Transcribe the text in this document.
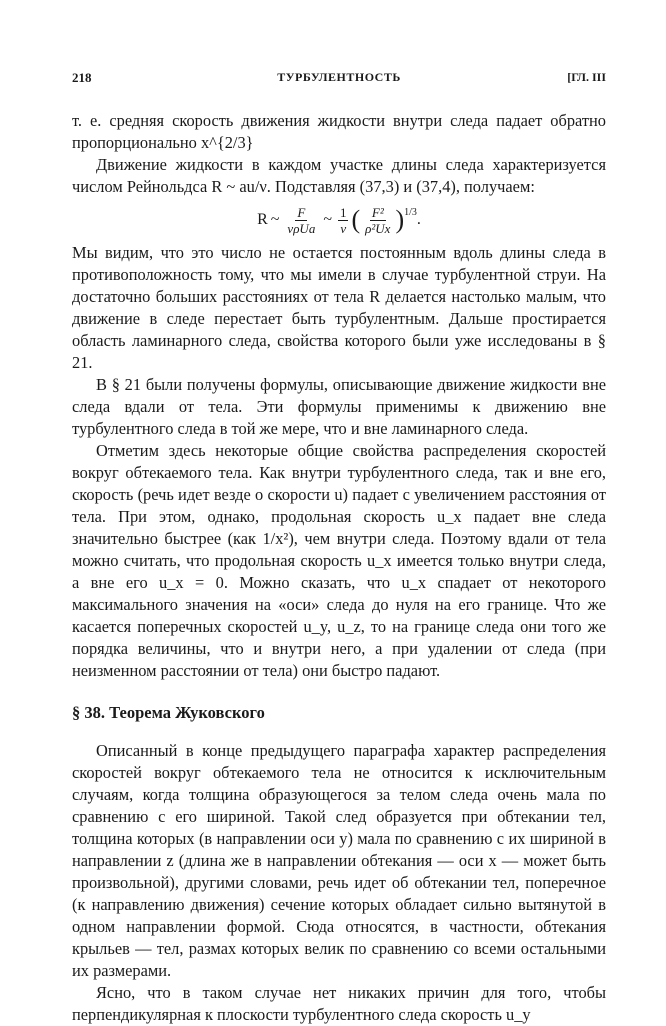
218	ТУРБУЛЕНТНОСТЬ	[ГЛ. III

т. е. средняя скорость движения жидкости внутри следа падает обратно пропорционально x^{2/3}

Движение жидкости в каждом участке длины следа характеризуется числом Рейнольдса R ~ au/ν. Подставляя (37,3) и (37,4), получаем:

R ~ $\frac{F}{\text{νρUa}}$ ~ $\frac{1}{\nu}$ ( $\frac{\text{F²}}{\text{ρ²Ux}} )^{1/3}$ .

Мы видим, что это число не остается постоянным вдоль длины следа в противоположность тому, что мы имели в случае турбулентной струи. На достаточно больших расстояниях от тела R делается настолько малым, что движение в следе перестает быть турбулентным. Дальше простирается область ламинарного следа, свойства которого были уже исследованы в § 21.

В § 21 были получены формулы, описывающие движение жидкости вне следа вдали от тела. Эти формулы применимы к движению вне турбулентного следа в той же мере, что и вне ламинарного следа.

Отметим здесь некоторые общие свойства распределения скоростей вокруг обтекаемого тела. Как внутри турбулентного следа, так и вне его, скорость (речь идет везде о скорости u) падает с увеличением расстояния от тела. При этом, однако, продольная скорость u_x падает вне следа значительно быстрее (как 1/x²), чем внутри следа. Поэтому вдали от тела можно считать, что продольная скорость u_x имеется только внутри следа, а вне его u_x = 0. Можно сказать, что u_x спадает от некоторого максимального значения на «оси» следа до нуля на его границе. Что же касается поперечных скоростей u_y, u_z, то на границе следа они того же порядка величины, что и внутри него, а при удалении от следа (при неизменном расстоянии от тела) они быстро падают.

§ 38. Теорема Жуковского

Описанный в конце предыдущего параграфа характер распределения скоростей вокруг обтекаемого тела не относится к исключительным случаям, когда толщина образующегося за телом следа очень мала по сравнению с его шириной. Такой след образуется при обтекании тел, толщина которых (в направлении оси y) мала по сравнению с их шириной в направлении z (длина же в направлении обтекания — оси x — может быть произвольной), другими словами, речь идет об обтекании тел, поперечное (к направлению движения) сечение которых обладает сильно вытянутой в одном направлении формой. Сюда относятся, в частности, обтекания крыльев — тел, размах которых велик по сравнению со всеми остальными их размерами.

Ясно, что в таком случае нет никаких причин для того, чтобы перпендикулярная к плоскости турбулентного следа скорость u_y
